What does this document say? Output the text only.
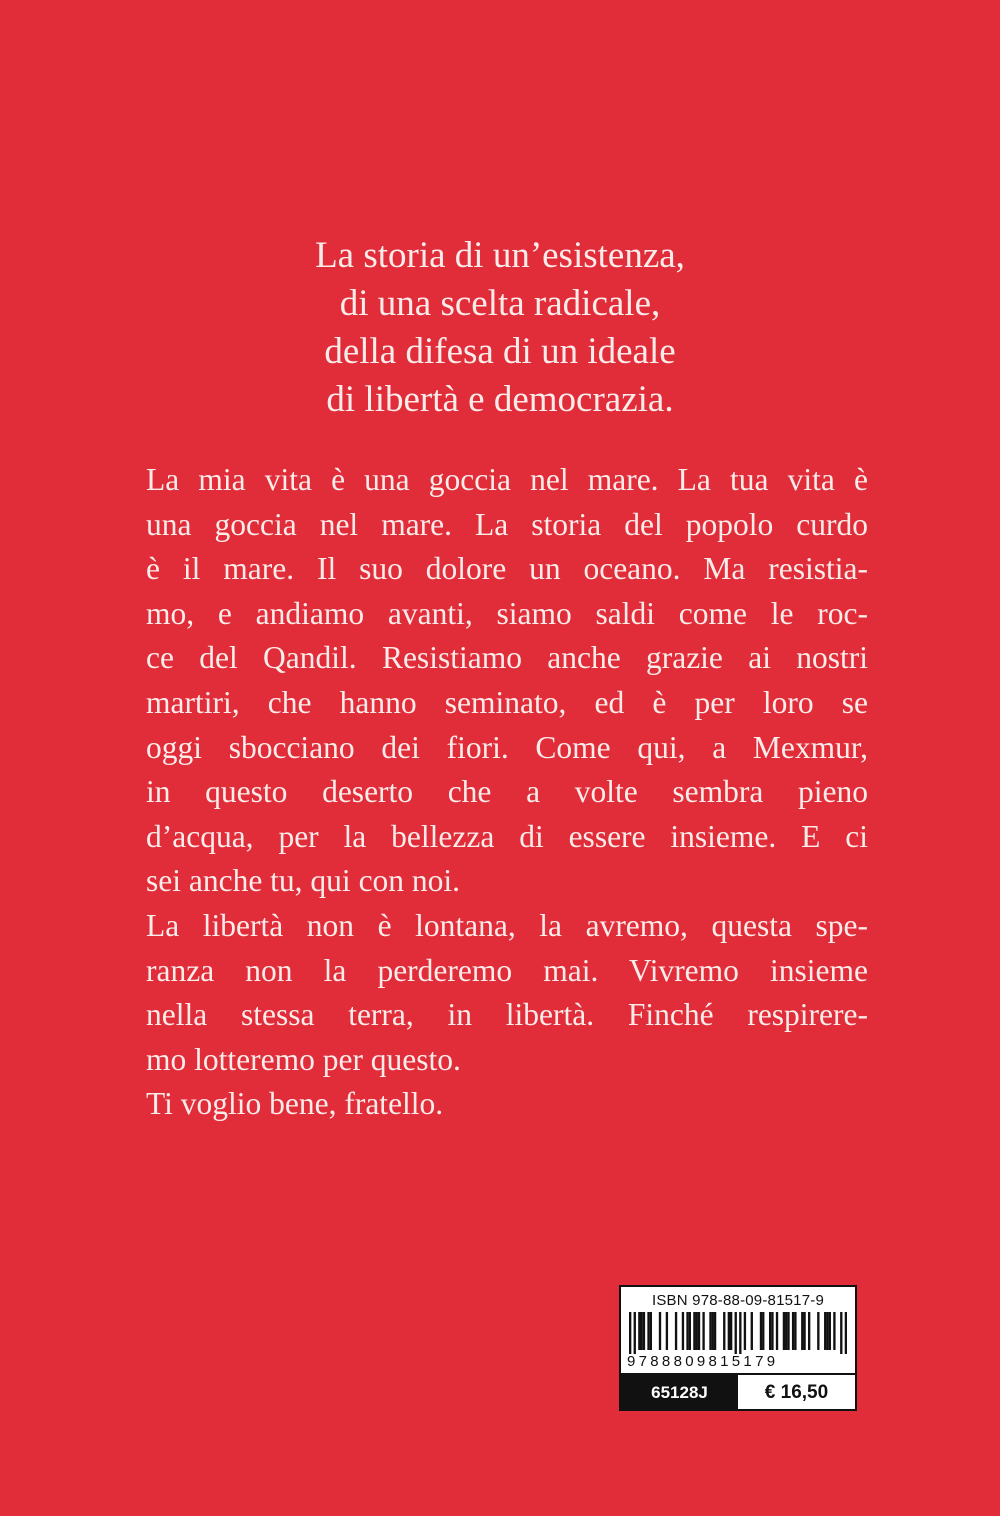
La storia di un’esistenza,
di una scelta radicale,
della difesa di un ideale
di libertà e democrazia.
La mia vita è una goccia nel mare. La tua vita è
una goccia nel mare. La storia del popolo curdo
è il mare. Il suo dolore un oceano. Ma resistia-
mo, e andiamo avanti, siamo saldi come le roc-
ce del Qandil. Resistiamo anche grazie ai nostri
martiri, che hanno seminato, ed è per loro se
oggi sbocciano dei fiori. Come qui, a Mexmur,
in questo deserto che a volte sembra pieno
d’acqua, per la bellezza di essere insieme. E ci
sei anche tu, qui con noi.
La libertà non è lontana, la avremo, questa spe-
ranza non la perderemo mai. Vivremo insieme
nella stessa terra, in libertà. Finché respirere-
mo lotteremo per questo.
Ti voglio bene, fratello.
ISBN 978-88-09-81517-9
9788809815179
65128J	€ 16,50
